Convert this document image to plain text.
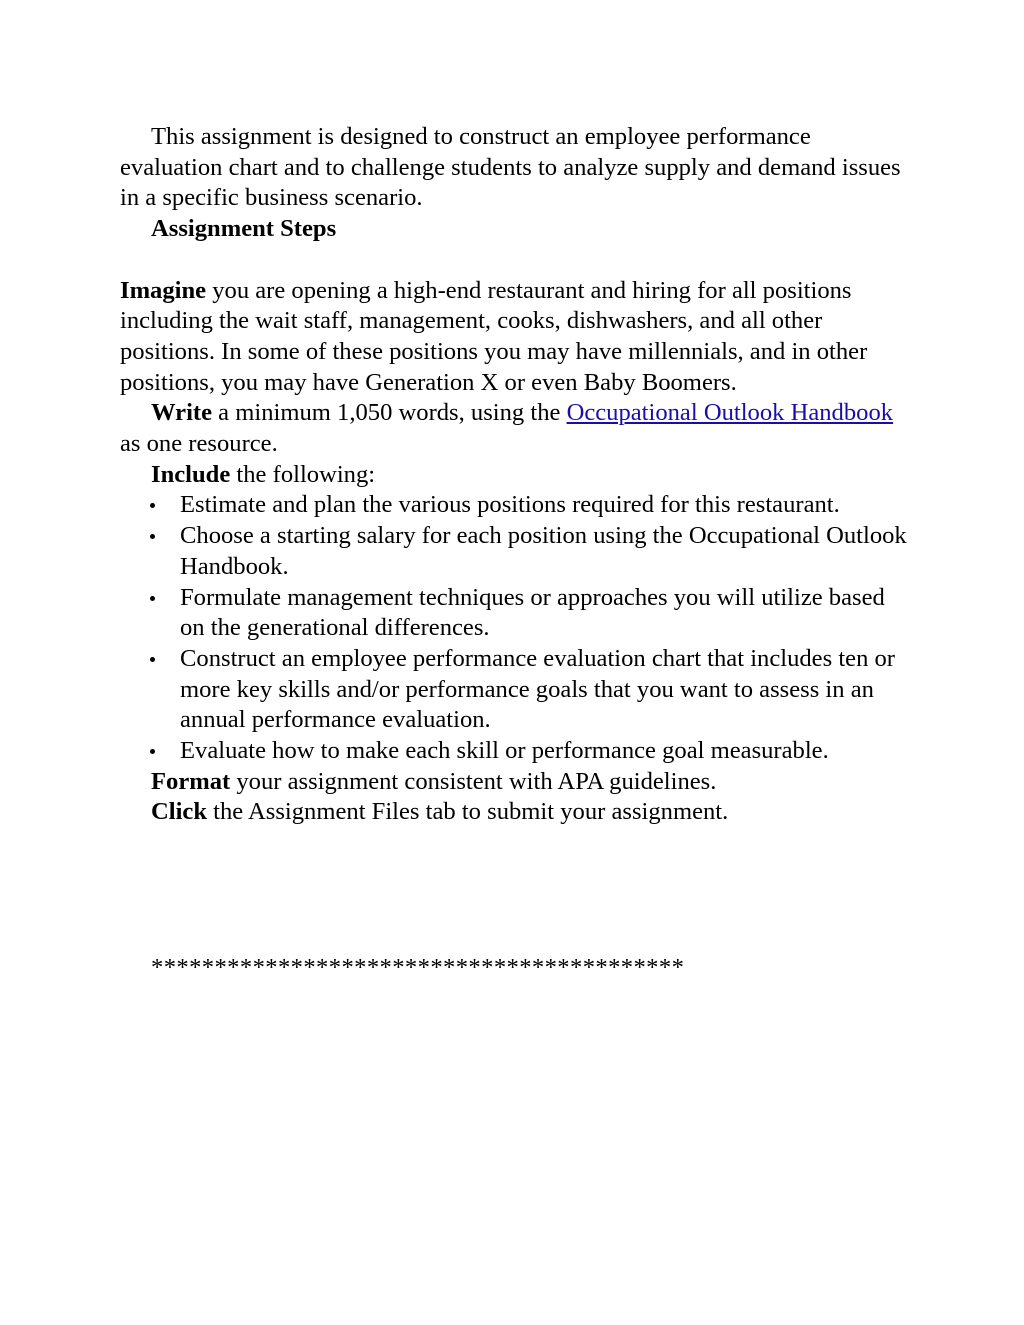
This assignment is designed to construct an employee performance evaluation chart and to challenge students to analyze supply and demand issues in a specific business scenario.

Assignment Steps

Imagine you are opening a high-end restaurant and hiring for all positions including the wait staff, management, cooks, dishwashers, and all other positions. In some of these positions you may have millennials, and in other positions, you may have Generation X or even Baby Boomers.

Write a minimum 1,050 words, using the Occupational Outlook Handbook as one resource.

Include the following:

Estimate and plan the various positions required for this restaurant.
Choose a starting salary for each position using the Occupational Outlook Handbook.
Formulate management techniques or approaches you will utilize based on the generational differences.
Construct an employee performance evaluation chart that includes ten or more key skills and/or performance goals that you want to assess in an annual performance evaluation.
Evaluate how to make each skill or performance goal measurable.

Format your assignment consistent with APA guidelines.

Click the Assignment Files tab to submit your assignment.

******************************************
